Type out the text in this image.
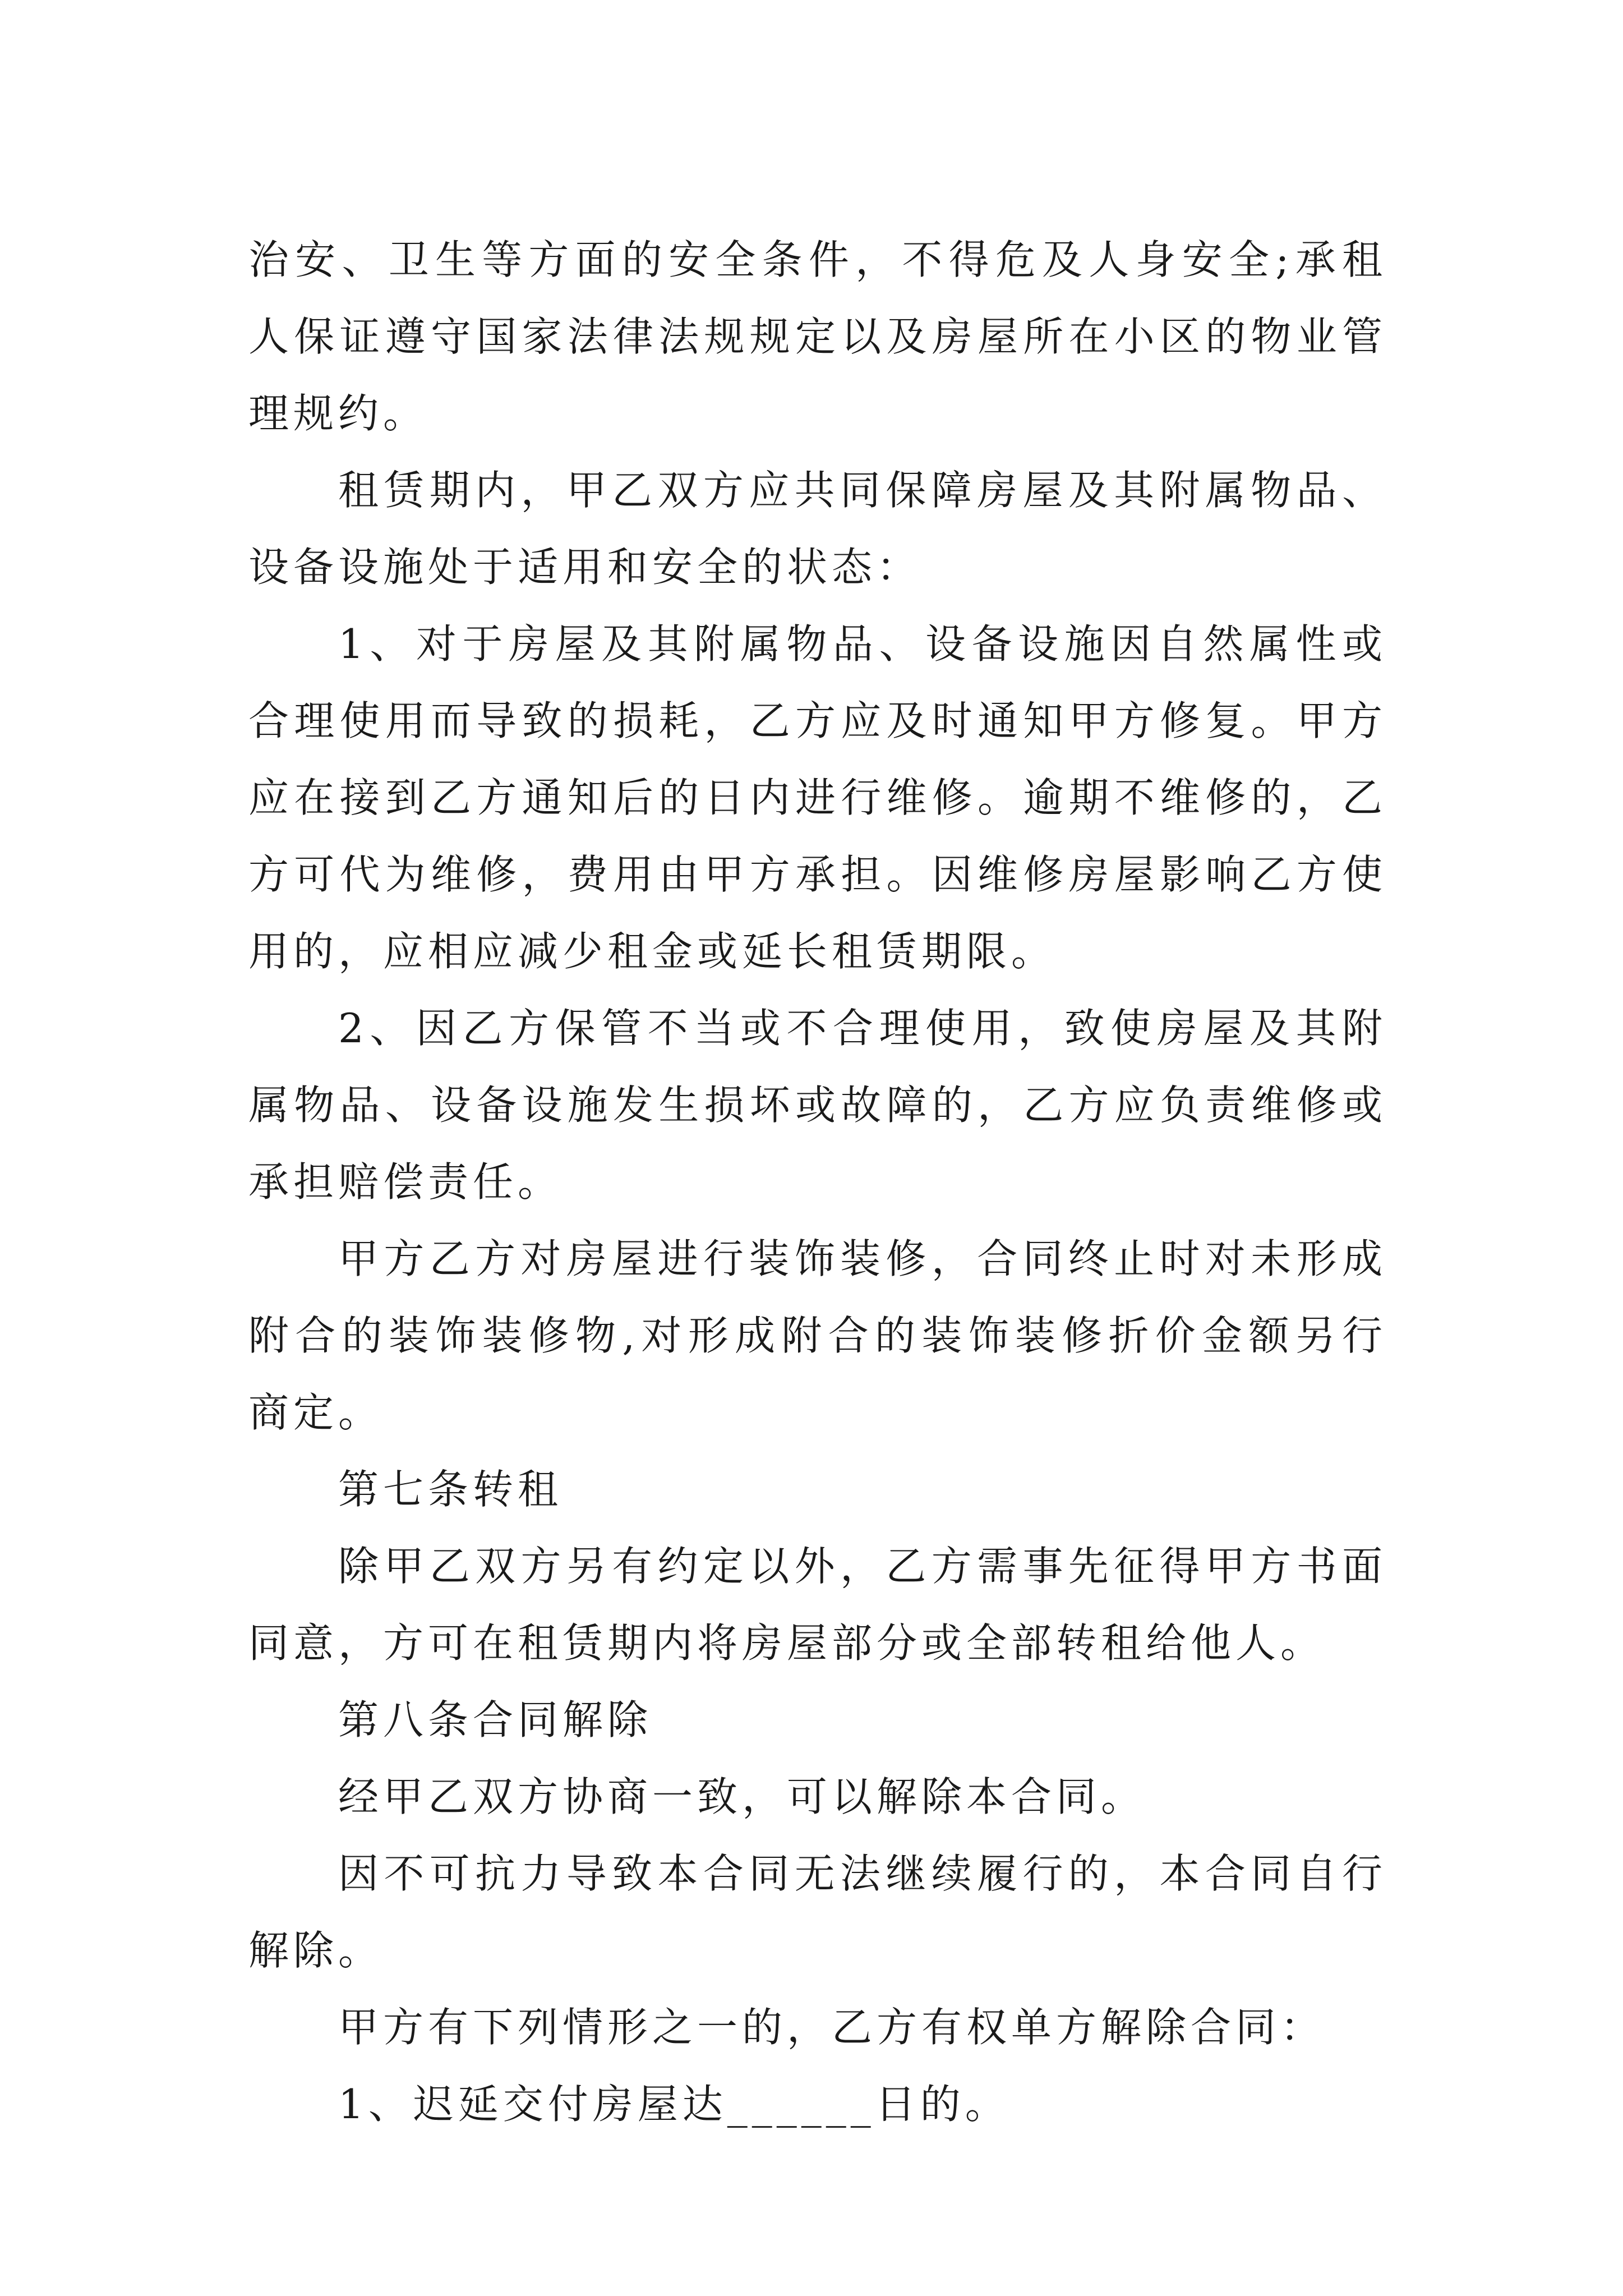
治安、卫生等方面的安全条件，不得危及人身安全;承租人保证遵守国家法律法规规定以及房屋所在小区的物业管理规约。

租赁期内，甲乙双方应共同保障房屋及其附属物品、设备设施处于适用和安全的状态：

1、对于房屋及其附属物品、设备设施因自然属性或合理使用而导致的损耗，乙方应及时通知甲方修复。甲方应在接到乙方通知后的日内进行维修。逾期不维修的，乙方可代为维修，费用由甲方承担。因维修房屋影响乙方使用的，应相应减少租金或延长租赁期限。

2、因乙方保管不当或不合理使用，致使房屋及其附属物品、设备设施发生损坏或故障的，乙方应负责维修或承担赔偿责任。

甲方乙方对房屋进行装饰装修，合同终止时对未形成附合的装饰装修物,对形成附合的装饰装修折价金额另行商定。

第七条转租

除甲乙双方另有约定以外，乙方需事先征得甲方书面同意，方可在租赁期内将房屋部分或全部转租给他人。

第八条合同解除

经甲乙双方协商一致，可以解除本合同。

因不可抗力导致本合同无法继续履行的，本合同自行解除。

甲方有下列情形之一的，乙方有权单方解除合同：

1、迟延交付房屋达______日的。
